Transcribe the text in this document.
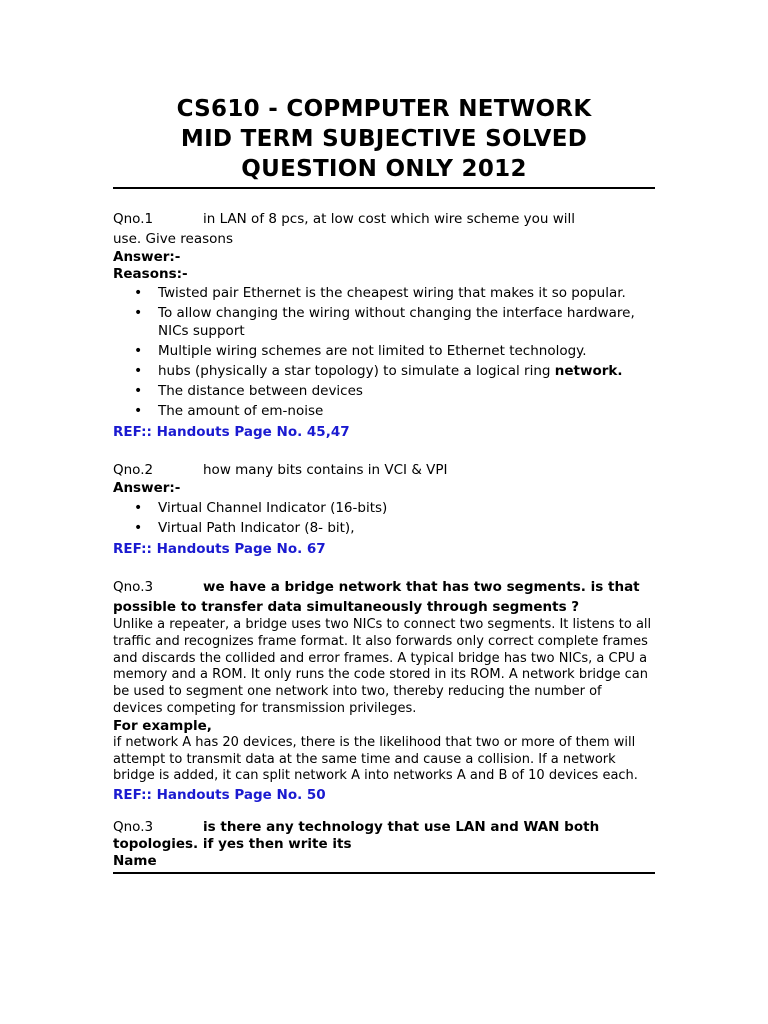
CS610 - COPMPUTER NETWORK
MID TERM SUBJECTIVE SOLVED
QUESTION ONLY 2012

Qno.1	in LAN of 8 pcs, at low cost which wire scheme you will

use. Give reasons

Answer:-

Reasons:-

• Twisted pair Ethernet is the cheapest wiring that makes it so popular.
• To allow changing the wiring without changing the interface hardware, NICs support
• Multiple wiring schemes are not limited to Ethernet technology.
• hubs (physically a star topology) to simulate a logical ring network.
• The distance between devices
• The amount of em-noise

REF:: Handouts Page No. 45,47

Qno.2	how many bits contains in VCI & VPI

Answer:-

• Virtual Channel Indicator (16-bits)
• Virtual Path Indicator (8- bit),

REF:: Handouts Page No. 67

Qno.3	we have a bridge network that has two segments. is that

possible to transfer data simultaneously through segments ?

Unlike a repeater, a bridge uses two NICs to connect two segments. It listens to all traffic and recognizes frame format. It also forwards only correct complete frames and discards the collided and error frames. A typical bridge has two NICs, a CPU a memory and a ROM. It only runs the code stored in its ROM. A network bridge can be used to segment one network into two, thereby reducing the number of devices competing for transmission privileges.

For example,

if network A has 20 devices, there is the likelihood that two or more of them will attempt to transmit data at the same time and cause a collision. If a network bridge is added, it can split network A into networks A and B of 10 devices each.

REF:: Handouts Page No. 50

Qno.3	is there any technology that use LAN and WAN both

topologies. if yes then write its

Name
